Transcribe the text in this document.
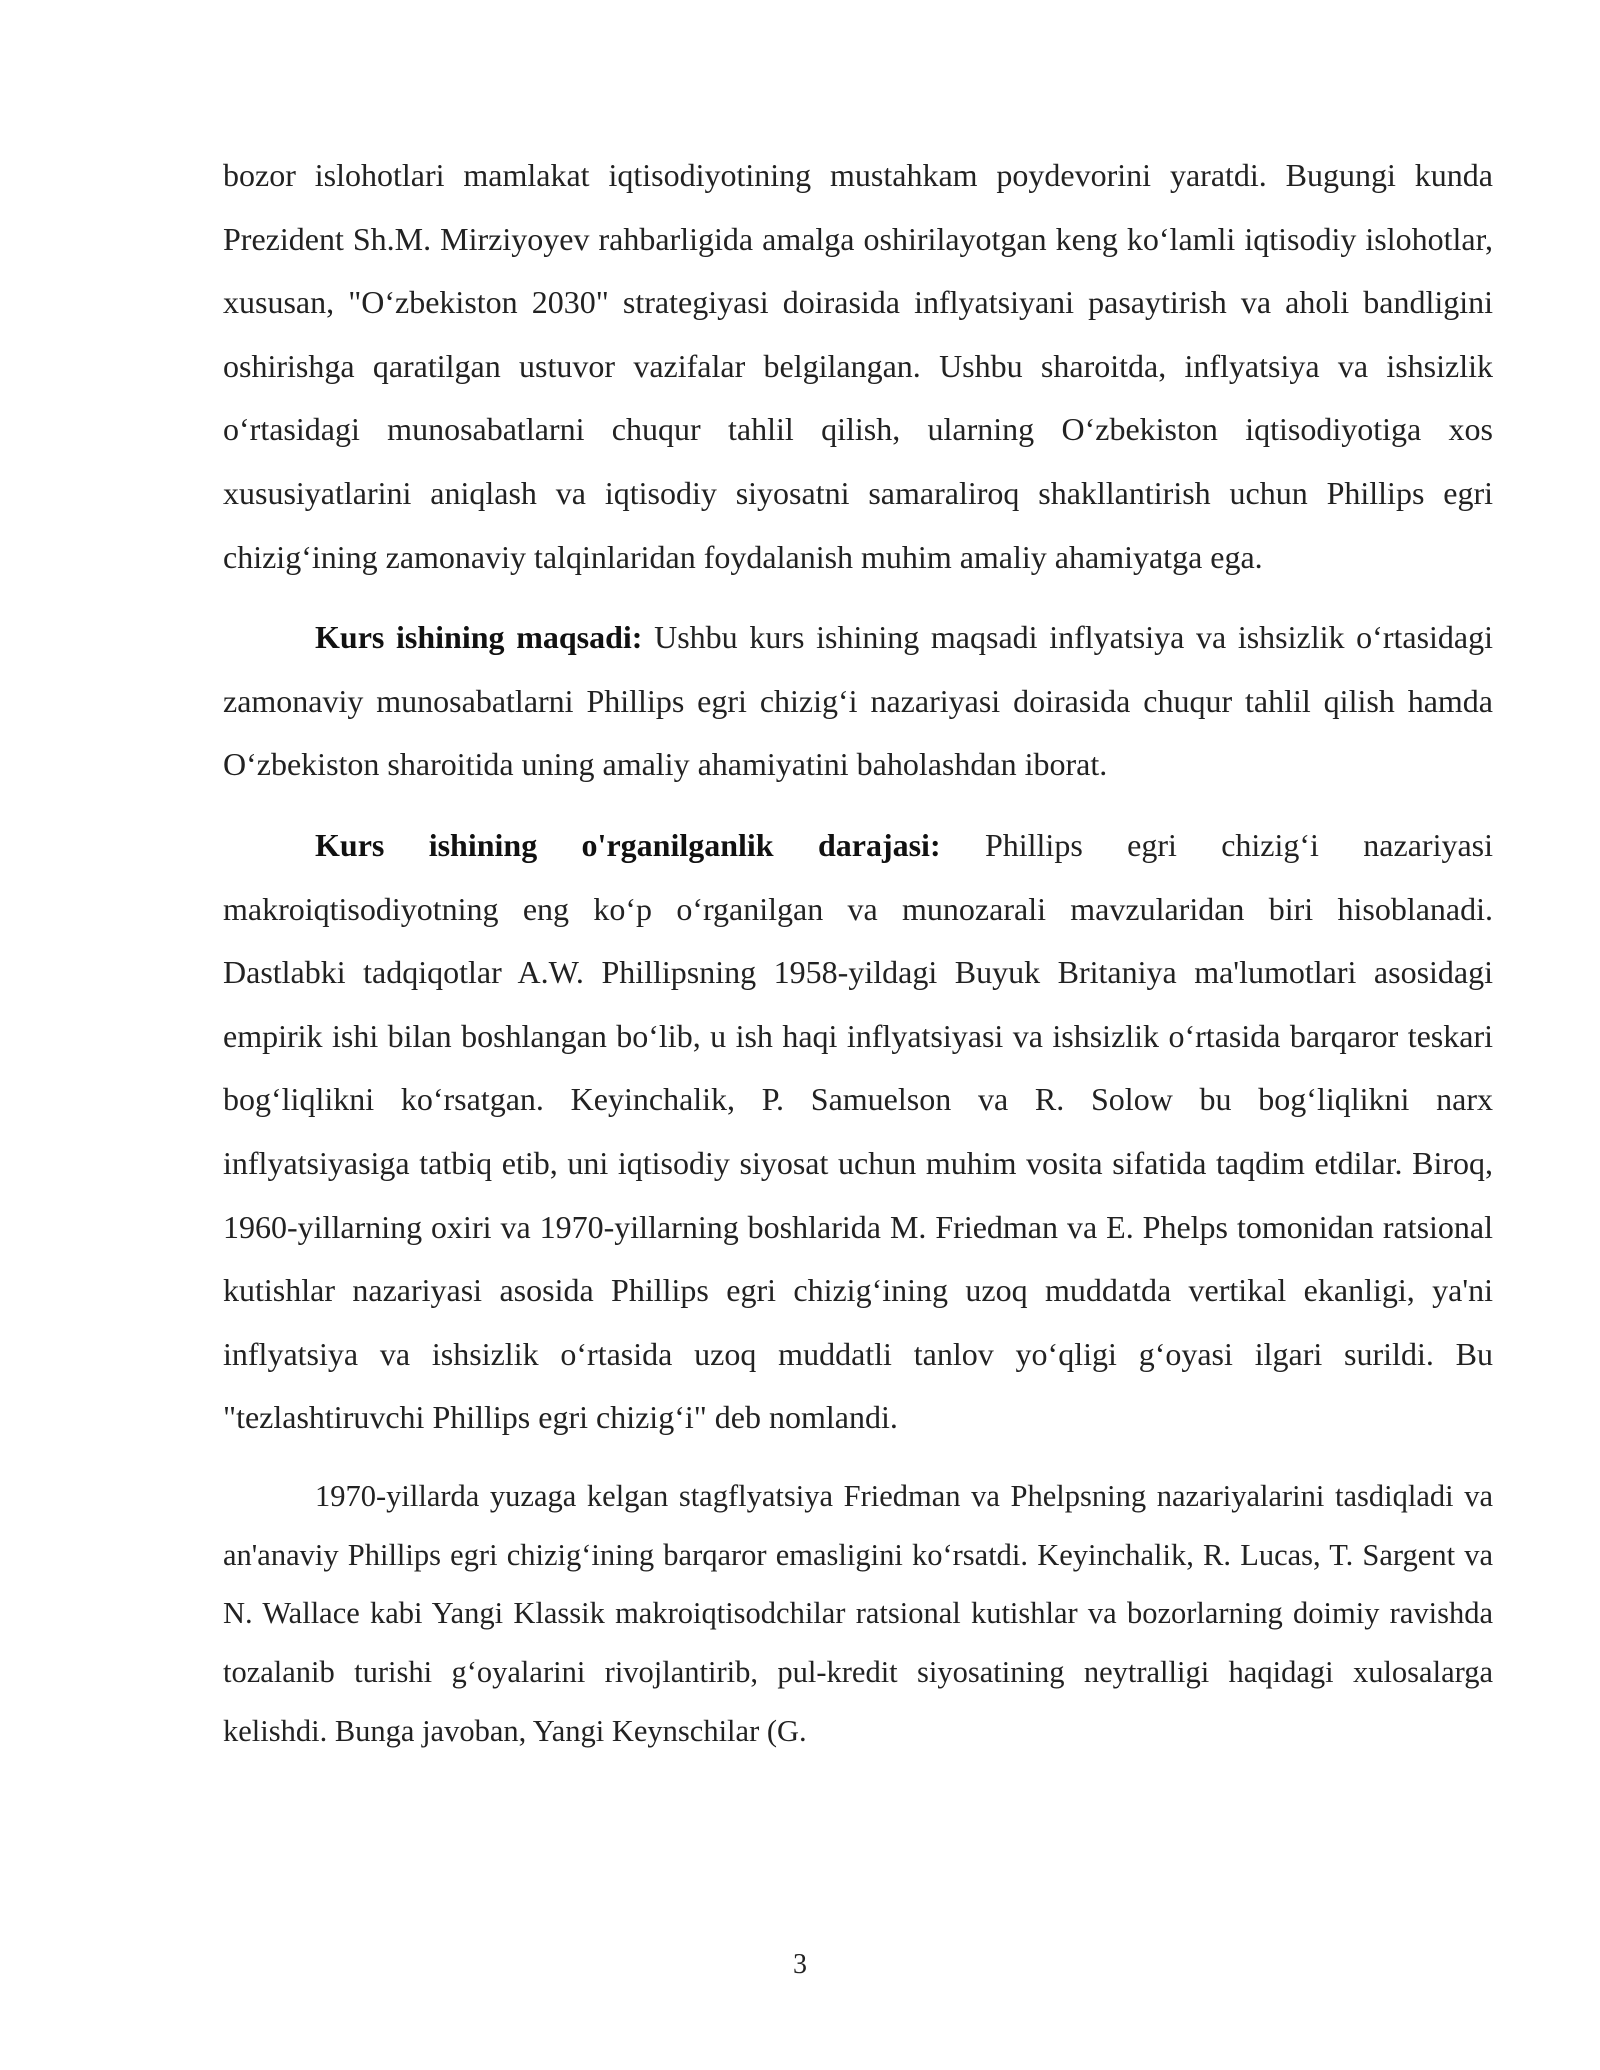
bozor islohotlari mamlakat iqtisodiyotining mustahkam poydevorini yaratdi. Bugungi kunda Prezident Sh.M. Mirziyoyev rahbarligida amalga oshirilayotgan keng ko‘lamli iqtisodiy islohotlar, xususan, "O‘zbekiston 2030" strategiyasi doirasida inflyatsiyani pasaytirish va aholi bandligini oshirishga qaratilgan ustuvor vazifalar belgilangan. Ushbu sharoitda, inflyatsiya va ishsizlik o‘rtasidagi munosabatlarni chuqur tahlil qilish, ularning O‘zbekiston iqtisodiyotiga xos xususiyatlarini aniqlash va iqtisodiy siyosatni samaraliroq shakllantirish uchun Phillips egri chizig‘ining zamonaviy talqinlaridan foydalanish muhim amaliy ahamiyatga ega.

Kurs ishining maqsadi: Ushbu kurs ishining maqsadi inflyatsiya va ishsizlik o‘rtasidagi zamonaviy munosabatlarni Phillips egri chizig‘i nazariyasi doirasida chuqur tahlil qilish hamda O‘zbekiston sharoitida uning amaliy ahamiyatini baholashdan iborat.

Kurs ishining o'rganilganlik darajasi: Phillips egri chizig‘i nazariyasi makroiqtisodiyotning eng ko‘p o‘rganilgan va munozarali mavzularidan biri hisoblanadi. Dastlabki tadqiqotlar A.W. Phillipsning 1958-yildagi Buyuk Britaniya ma'lumotlari asosidagi empirik ishi bilan boshlangan bo‘lib, u ish haqi inflyatsiyasi va ishsizlik o‘rtasida barqaror teskari bog‘liqlikni ko‘rsatgan. Keyinchalik, P. Samuelson va R. Solow bu bog‘liqlikni narx inflyatsiyasiga tatbiq etib, uni iqtisodiy siyosat uchun muhim vosita sifatida taqdim etdilar. Biroq, 1960-yillarning oxiri va 1970-yillarning boshlarida M. Friedman va E. Phelps tomonidan ratsional kutishlar nazariyasi asosida Phillips egri chizig‘ining uzoq muddatda vertikal ekanligi, ya'ni inflyatsiya va ishsizlik o‘rtasida uzoq muddatli tanlov yo‘qligi g‘oyasi ilgari surildi. Bu "tezlashtiruvchi Phillips egri chizig‘i" deb nomlandi.

1970-yillarda yuzaga kelgan stagflyatsiya Friedman va Phelpsning nazariyalarini tasdiqladi va an'anaviy Phillips egri chizig‘ining barqaror emasligini ko‘rsatdi. Keyinchalik, R. Lucas, T. Sargent va N. Wallace kabi Yangi Klassik makroiqtisodchilar ratsional kutishlar va bozorlarning doimiy ravishda tozalanib turishi g‘oyalarini rivojlantirib, pul-kredit siyosatining neytralligi haqidagi xulosalarga kelishdi. Bunga javoban, Yangi Keynschilar (G.

3
